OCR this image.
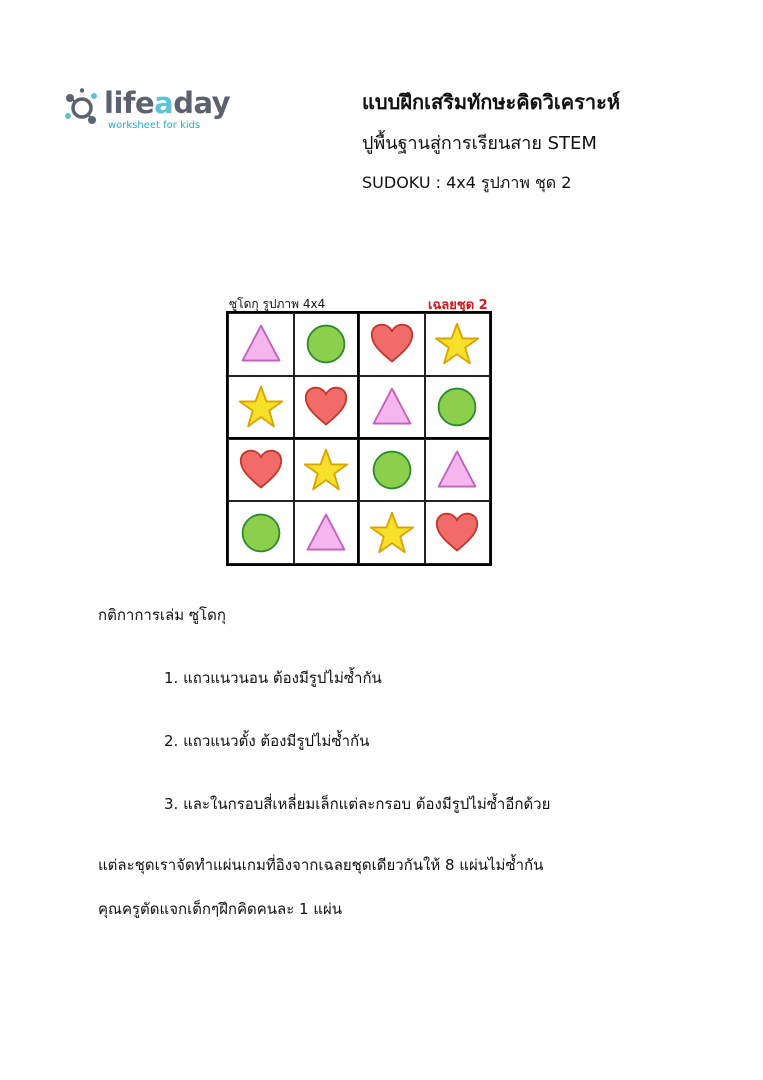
lifeaday
worksheet for kids
แบบฝึกเสริมทักษะคิดวิเคราะห์
ปูพื้นฐานสู่การเรียนสาย STEM
SUDOKU : 4x4 รูปภาพ ชุด 2
ซูโดกุ รูปภาพ 4x4	เฉลยชุด 2
กติกาการเล่ม ซูโดกุ
1. แถวแนวนอน ต้องมีรูปไม่ซ้ำกัน
2. แถวแนวตั้ง ต้องมีรูปไม่ซ้ำกัน
3. และในกรอบสี่เหลี่ยมเล็กแต่ละกรอบ ต้องมีรูปไม่ซ้ำอีกด้วย
แต่ละชุดเราจัดทำแผ่นเกมที่อิงจากเฉลยชุดเดียวกันให้ 8 แผ่นไม่ซ้ำกัน
คุณครูตัดแจกเด็กๆฝึกคิดคนละ 1 แผ่น
